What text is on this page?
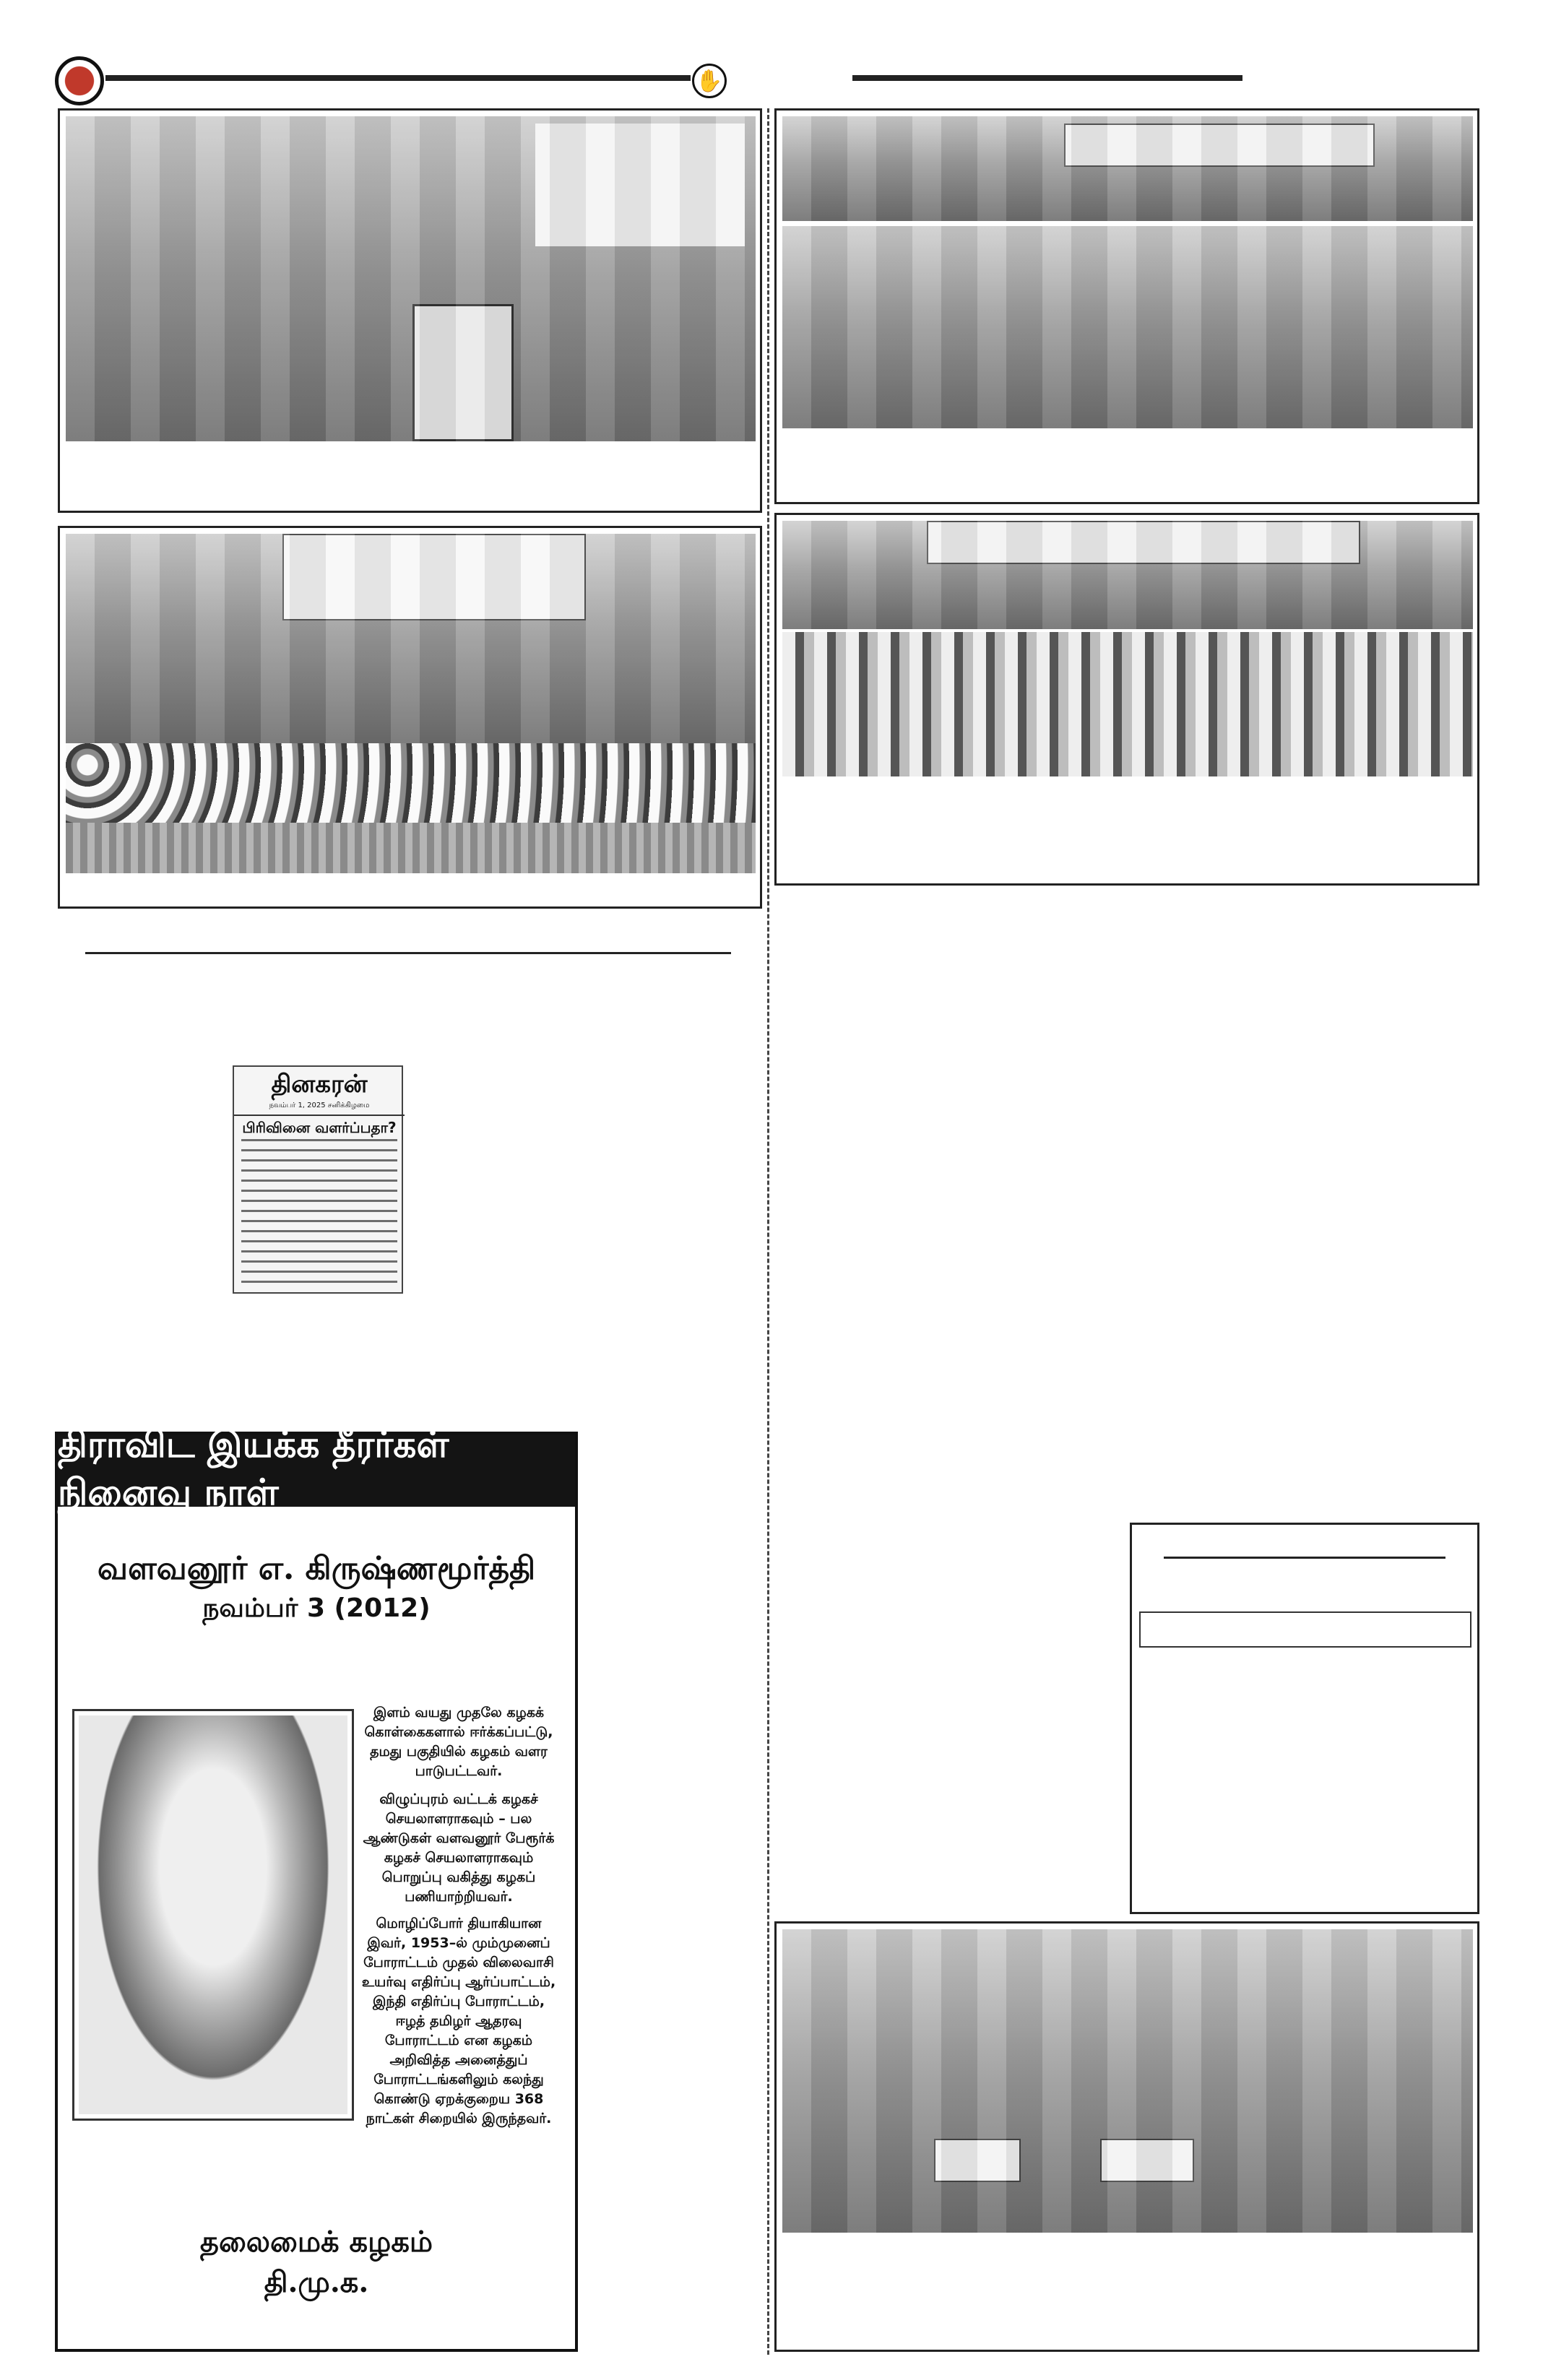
✋
தினகரன்
நவம்பர் 1, 2025 சனிக்கிழமை
பிரிவினை வளர்ப்பதா?
திராவிட இயக்க தீரர்கள் நினைவு நாள்
வளவனூர் எ. கிருஷ்ணமூர்த்தி
நவம்பர் 3 (2012)
இளம் வயது முதலே கழகக் கொள்கைகளால் ஈர்க்கப்பட்டு, தமது பகுதியில் கழகம் வளர பாடுபட்டவர்.
விழுப்புரம் வட்டக் கழகச் செயலாளராகவும் – பல ஆண்டுகள் வளவனூர் பேரூர்க் கழகச் செயலாளராகவும் பொறுப்பு வகித்து கழகப் பணியாற்றியவர்.
மொழிப்போர் தியாகியான இவர், 1953–ல் மும்முனைப் போராட்டம் முதல் விலைவாசி உயர்வு எதிர்ப்பு ஆர்ப்பாட்டம், இந்தி எதிர்ப்பு போராட்டம், ஈழத் தமிழர் ஆதரவு போராட்டம் என கழகம் அறிவித்த அனைத்துப் போராட்டங்களிலும் கலந்து கொண்டு ஏறக்குறைய 368 நாட்கள் சிறையில் இருந்தவர்.
தலைமைக் கழகம்
தி.மு.க.
